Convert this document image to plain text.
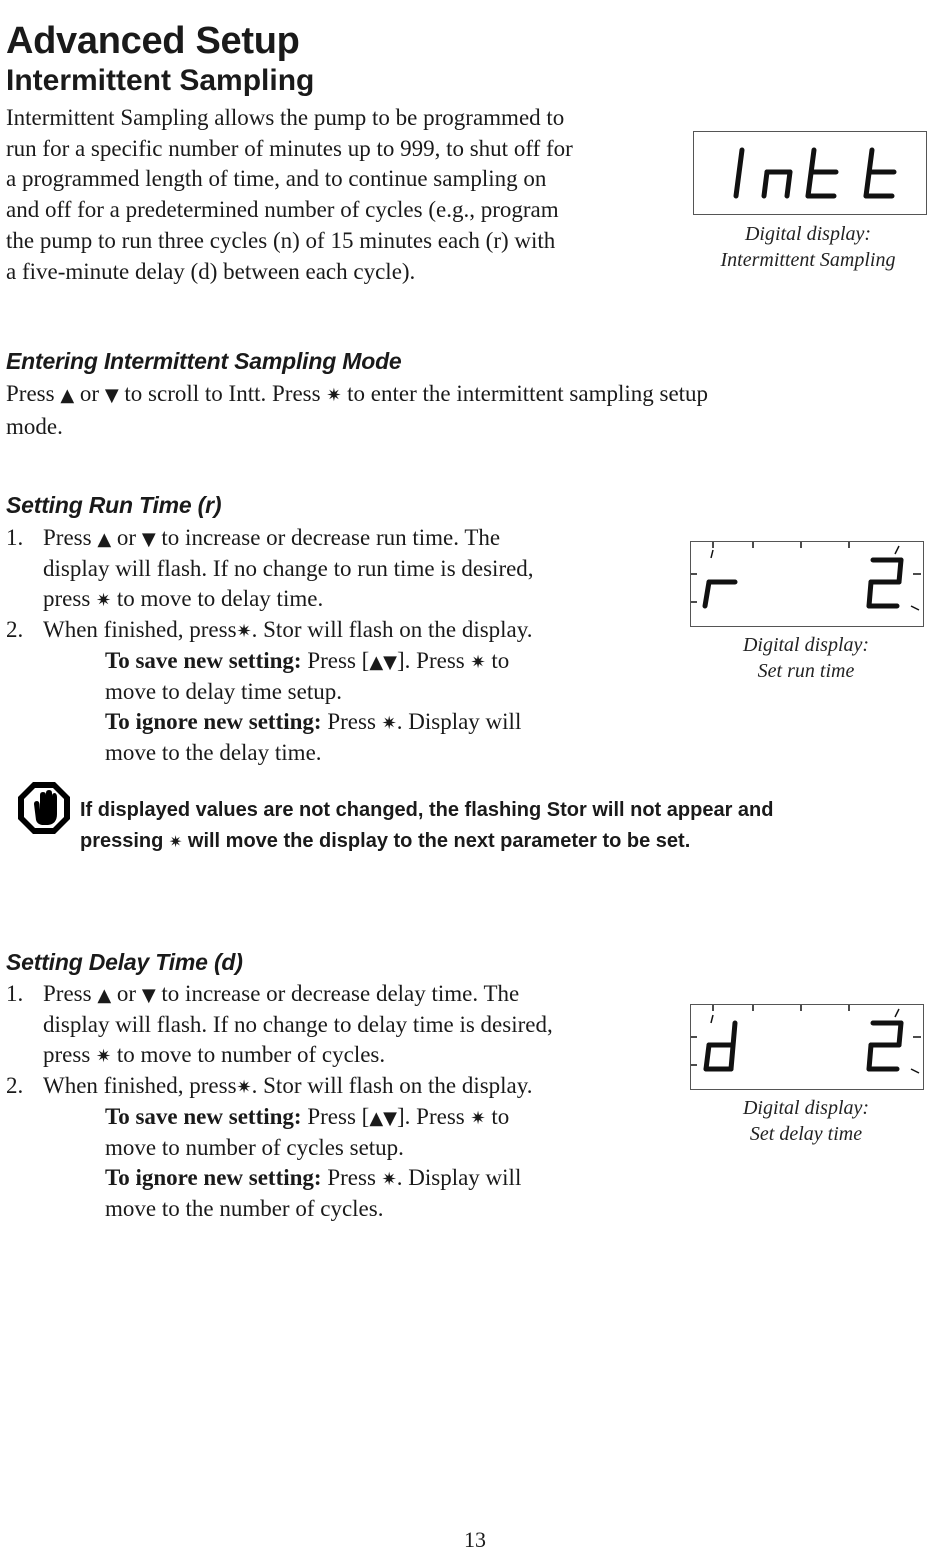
Advanced Setup
Intermittent Sampling
Intermittent Sampling allows the pump to be programmed to
run for a specific number of minutes up to 999, to shut off for
a programmed length of time, and to continue sampling on
and off for a predetermined number of cycles (e.g., program
the pump to run three cycles (n) of 15 minutes each (r) with
a five-minute delay (d) between each cycle).
Digital display:
Intermittent Sampling
Entering Intermittent Sampling Mode
Press ▲ or ▼ to scroll to Intt. Press ✷ to enter the intermittent sampling setup
mode.
Setting Run Time (r)
1. Press ▲ or ▼ to increase or decrease run time. The
display will flash. If no change to run time is desired,
press ✷ to move to delay time.
2. When finished, press✷. Stor will flash on the display.
To save new setting: Press [▲▼]. Press ✷ to
move to delay time setup.
To ignore new setting: Press ✷. Display will
move to the delay time.
Digital display:
Set run time
If displayed values are not changed, the flashing Stor will not appear and
pressing ✷ will move the display to the next parameter to be set.
Setting Delay Time (d)
1. Press ▲ or ▼ to increase or decrease delay time. The
display will flash. If no change to delay time is desired,
press ✷ to move to number of cycles.
2. When finished, press✷. Stor will flash on the display.
To save new setting: Press [▲▼]. Press ✷ to
move to number of cycles setup.
To ignore new setting: Press ✷. Display will
move to the number of cycles.
Digital display:
Set delay time
13
